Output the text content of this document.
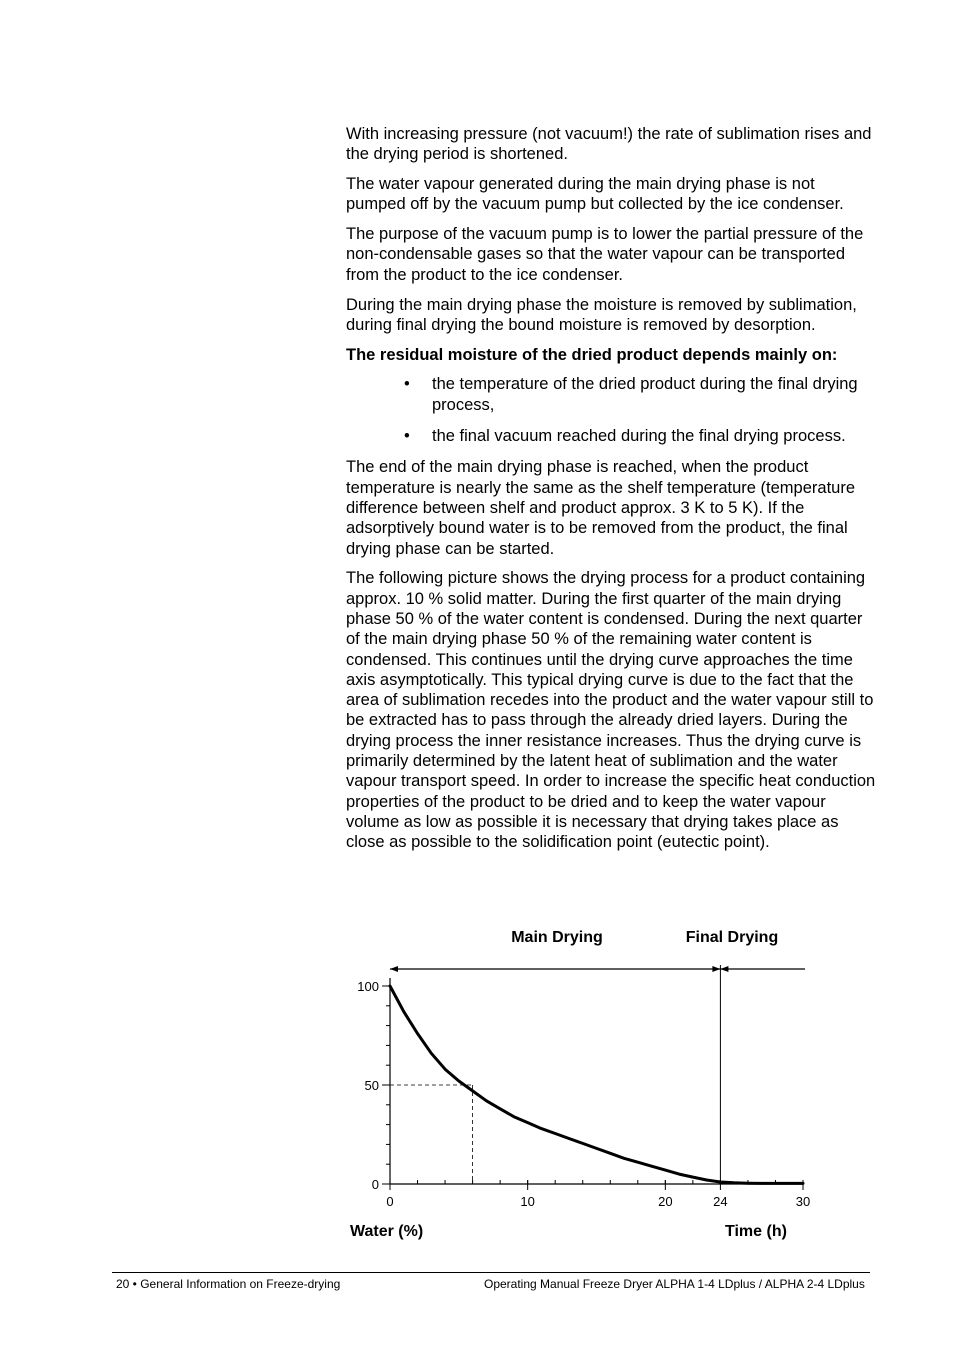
With increasing pressure (not vacuum!) the rate of sublimation rises and the drying period is shortened.

The water vapour generated during the main drying phase is not pumped off by the vacuum pump but collected by the ice condenser.

The purpose of the vacuum pump is to lower the partial pressure of the non-condensable gases so that the water vapour can be transported from the product to the ice condenser.

During the main drying phase the moisture is removed by sublimation, during final drying the bound moisture is removed by desorption.

The residual moisture of the dried product depends mainly on:

• the temperature of the dried product during the final drying process,
• the final vacuum reached during the final drying process.

The end of the main drying phase is reached, when the product temperature is nearly the same as the shelf temperature (temperature difference between shelf and product approx. 3 K to 5 K). If the adsorptively bound water is to be removed from the product, the final drying phase can be started.

The following picture shows the drying process for a product containing approx. 10 % solid matter. During the first quarter of the main drying phase 50 % of the water content is condensed. During the next quarter of the main drying phase 50 % of the remaining water content is condensed. This continues until the drying curve approaches the time axis asymptotically. This typical drying curve is due to the fact that the area of sublimation recedes into the product and the water vapour still to be extracted has to pass through the already dried layers. During the drying process the inner resistance increases. Thus the drying curve is primarily determined by the latent heat of sublimation and the water vapour transport speed. In order to increase the specific heat conduction properties of the product to be dried and to keep the water vapour volume as low as possible it is necessary that drying takes place as close as possible to the solidification point (eutectic point).

Main Drying	Final Drying
0
50
100
0	10	20	24	30
Water (%)	Time (h)
20 • General Information on Freeze-drying	Operating Manual Freeze Dryer ALPHA 1-4 LDplus / ALPHA 2-4 LDplus
